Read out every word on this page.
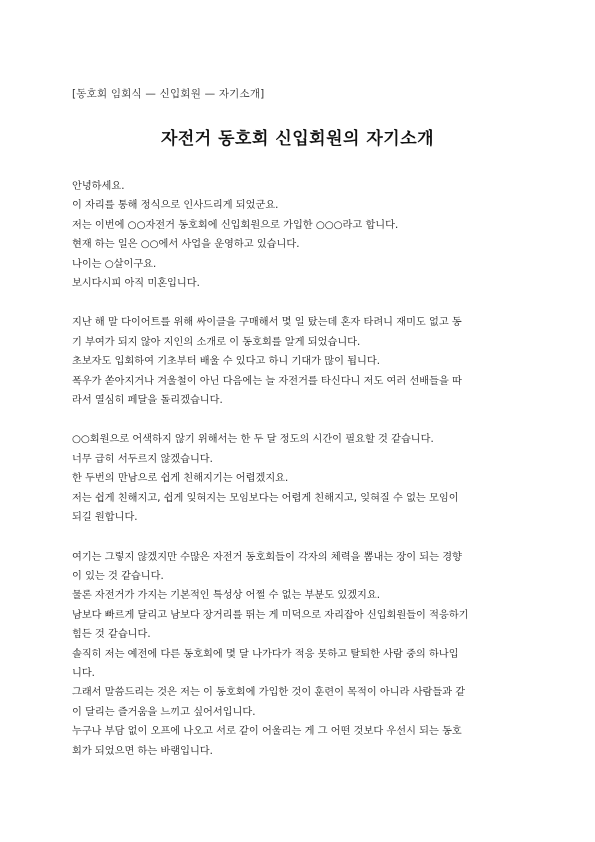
[동호회 임회식 — 신입회원 — 자기소개]
자전거 동호회 신입회원의 자기소개
안녕하세요.
이 자리를 통해 정식으로 인사드리게 되었군요.
저는 이번에 ○○자전거 동호회에 신입회원으로 가입한 ○○○라고 합니다.
현재 하는 일은 ○○에서 사업을 운영하고 있습니다.
나이는 ○살이구요.
보시다시피 아직 미혼입니다.
지난 해 말 다이어트를 위해 싸이클을 구매해서 몇 일 탔는데 혼자 타려니 재미도 없고 동
기 부여가 되지 않아 지인의 소개로 이 동호회를 알게 되었습니다.
초보자도 입회하여 기초부터 배울 수 있다고 하니 기대가 많이 됩니다.
폭우가 쏟아지거나 겨울철이 아닌 다음에는 늘 자전거를 타신다니 저도 여러 선배들을 따
라서 열심히 페달을 돌리겠습니다.
○○회원으로 어색하지 않기 위해서는 한 두 달 정도의 시간이 필요할 것 같습니다.
너무 급히 서두르지 않겠습니다.
한 두번의 만남으로 쉽게 친해지기는 어렵겠지요.
저는 쉽게 친해지고, 쉽게 잊혀지는 모임보다는 어렵게 친해지고, 잊혀질 수 없는 모임이
되길 원합니다.
여기는 그렇지 않겠지만 수많은 자전거 동호회들이 각자의 체력을 뽐내는 장이 되는 경향
이 있는 것 같습니다.
물론 자전거가 가지는 기본적인 특성상 어쩔 수 없는 부분도 있겠지요.
남보다 빠르게 달리고 남보다 장거리를 뛰는 게 미덕으로 자리잡아 신입회원들이 적응하기
힘든 것 같습니다.
솔직히 저는 예전에 다른 동호회에 몇 달 나가다가 적응 못하고 탈퇴한 사람 중의 하나입
니다.
그래서 말씀드리는 것은 저는 이 동호회에 가입한 것이 훈련이 목적이 아니라 사람들과 같
이 달리는 즐거움을 느끼고 싶어서입니다.
누구나 부담 없이 오프에 나오고 서로 같이 어울리는 게 그 어떤 것보다 우선시 되는 동호
회가 되었으면 하는 바램입니다.
